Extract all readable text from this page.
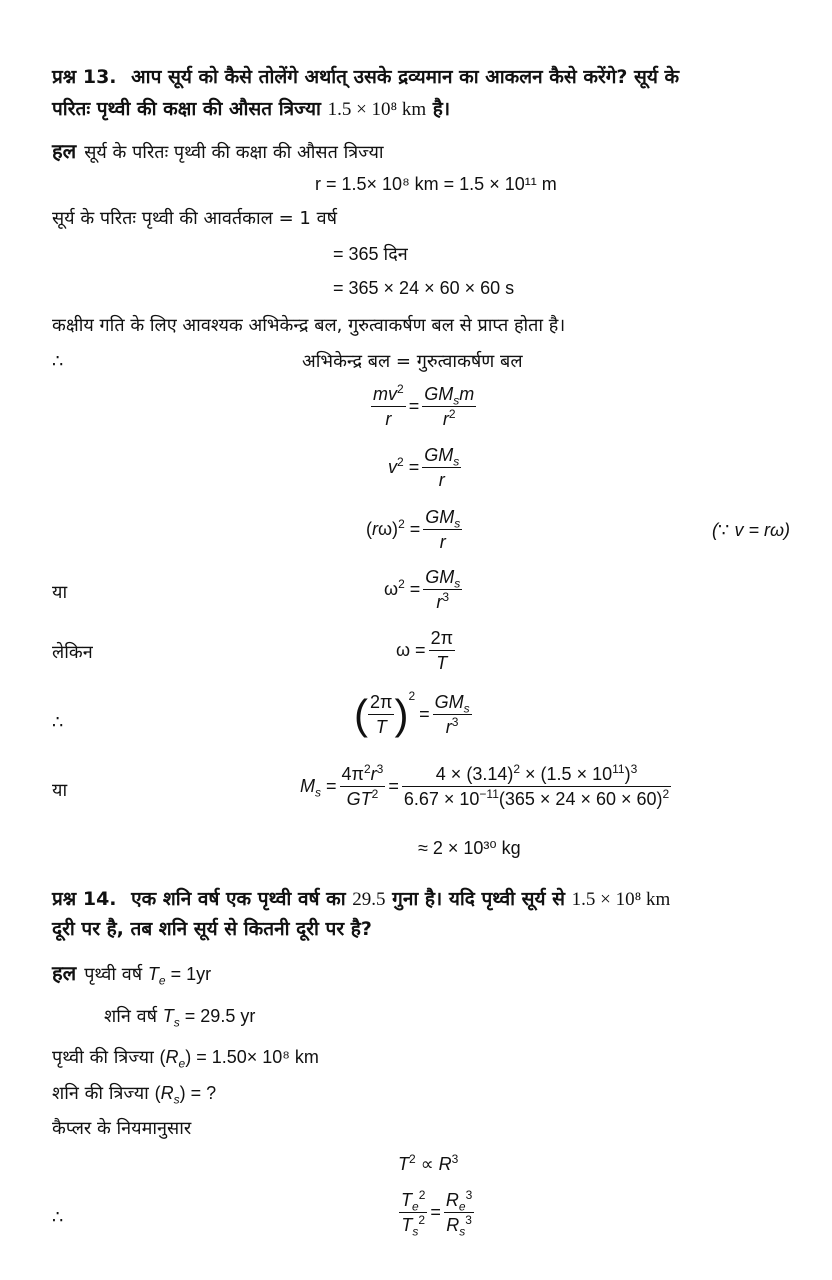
प्रश्न 13. आप सूर्य को कैसे तोलेंगे अर्थात् उसके द्रव्यमान का आकलन कैसे करेंगे? सूर्य के
परितः पृथ्वी की कक्षा की औसत त्रिज्या 1.5 × 10⁸ km है।
हल सूर्य के परितः पृथ्वी की कक्षा की औसत त्रिज्या
r = 1.5× 10⁸ km = 1.5 × 10¹¹ m
सूर्य के परितः पृथ्वी की आवर्तकाल = 1 वर्ष
= 365 दिन
= 365 × 24 × 60 × 60 s
कक्षीय गति के लिए आवश्यक अभिकेन्द्र बल, गुरुत्वाकर्षण बल से प्राप्त होता है।
∴	अभिकेन्द्र बल = गुरुत्वाकर्षण बल
$\frac{mv^2}{r} = \frac{GM_sm}{r^2}$
$v^2 = \frac{GM_s}{r}$
$(r\omega)^2 = \frac{GM_s}{r}$	(∵ v = rω)
या	$\omega^2 = \frac{GM_s}{r^3}$
लेकिन	$\omega = \frac{2\pi}{T}$
∴	( $\frac{2\pi}{T}$ ) 2
= $\frac{GM_s}{r^3}$
या	$M_s = \frac{4\pi^2r^3}{GT^2} = \frac{4 \times (3.14)^2 \times (1.5 \times 10^{11})^3}{6.67 \times 10^{-11}(365 \times 24 \times 60 \times 60)^2}$
≈ 2 × 10³⁰ kg
प्रश्न 14. एक शनि वर्ष एक पृथ्वी वर्ष का 29.5 गुना है। यदि पृथ्वी सूर्य से 1.5 × 10⁸ km
दूरी पर है, तब शनि सूर्य से कितनी दूरी पर है?
हल पृथ्वी वर्ष $T_e = 1yr$
शनि वर्ष $T_s = 29.5$ yr
पृथ्वी की त्रिज्या $(R_e) = 1.50\times 10^8$ km
शनि की त्रिज्या $(R_s)$ = ?
कैप्लर के नियमानुसार
$T^2 \propto R^3$
∴	$\frac{T_e^2}{T_s^2} = \frac{R_e^3}{R_s^3}$
